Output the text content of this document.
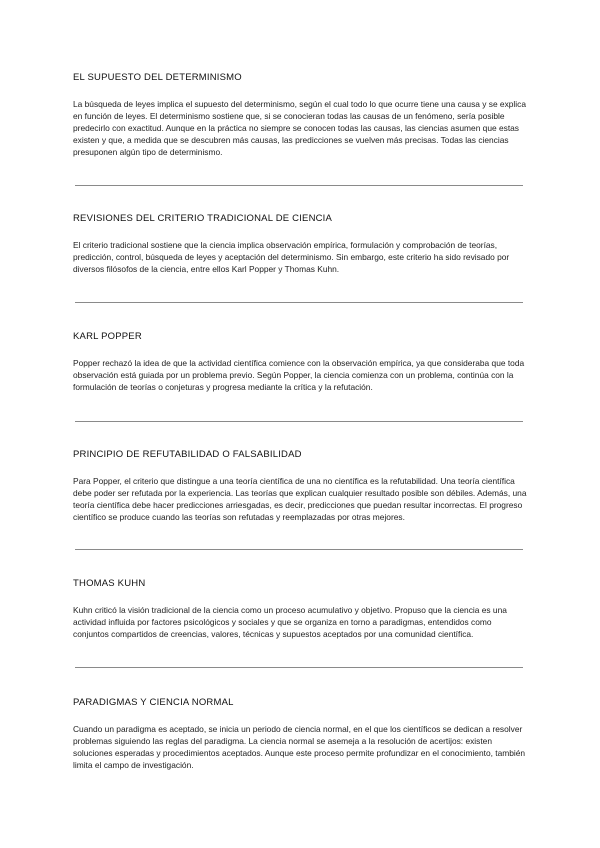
EL SUPUESTO DEL DETERMINISMO

La búsqueda de leyes implica el supuesto del determinismo, según el cual todo lo que ocurre tiene una causa y se explica en función de leyes. El determinismo sostiene que, si se conocieran todas las causas de un fenómeno, sería posible predecirlo con exactitud. Aunque en la práctica no siempre se conocen todas las causas, las ciencias asumen que estas existen y que, a medida que se descubren más causas, las predicciones se vuelven más precisas. Todas las ciencias presuponen algún tipo de determinismo.

REVISIONES DEL CRITERIO TRADICIONAL DE CIENCIA

El criterio tradicional sostiene que la ciencia implica observación empírica, formulación y comprobación de teorías, predicción, control, búsqueda de leyes y aceptación del determinismo. Sin embargo, este criterio ha sido revisado por diversos filósofos de la ciencia, entre ellos Karl Popper y Thomas Kuhn.

KARL POPPER

Popper rechazó la idea de que la actividad científica comience con la observación empírica, ya que consideraba que toda observación está guiada por un problema previo. Según Popper, la ciencia comienza con un problema, continúa con la formulación de teorías o conjeturas y progresa mediante la crítica y la refutación.

PRINCIPIO DE REFUTABILIDAD O FALSABILIDAD

Para Popper, el criterio que distingue a una teoría científica de una no científica es la refutabilidad. Una teoría científica debe poder ser refutada por la experiencia. Las teorías que explican cualquier resultado posible son débiles. Además, una teoría científica debe hacer predicciones arriesgadas, es decir, predicciones que puedan resultar incorrectas. El progreso científico se produce cuando las teorías son refutadas y reemplazadas por otras mejores.

THOMAS KUHN

Kuhn criticó la visión tradicional de la ciencia como un proceso acumulativo y objetivo. Propuso que la ciencia es una actividad influida por factores psicológicos y sociales y que se organiza en torno a paradigmas, entendidos como conjuntos compartidos de creencias, valores, técnicas y supuestos aceptados por una comunidad científica.

PARADIGMAS Y CIENCIA NORMAL

Cuando un paradigma es aceptado, se inicia un periodo de ciencia normal, en el que los científicos se dedican a resolver problemas siguiendo las reglas del paradigma. La ciencia normal se asemeja a la resolución de acertijos: existen soluciones esperadas y procedimientos aceptados. Aunque este proceso permite profundizar en el conocimiento, también limita el campo de investigación.
